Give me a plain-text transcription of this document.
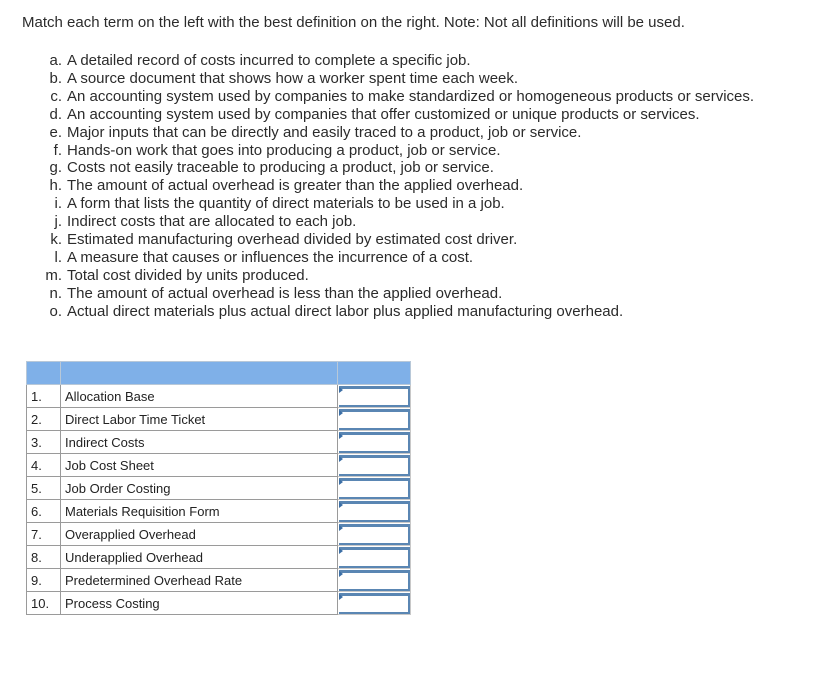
Match each term on the left with the best definition on the right. Note: Not all definitions will be used.
a. A detailed record of costs incurred to complete a specific job.
b. A source document that shows how a worker spent time each week.
c. An accounting system used by companies to make standardized or homogeneous products or services.
d. An accounting system used by companies that offer customized or unique products or services.
e. Major inputs that can be directly and easily traced to a product, job or service.
f. Hands-on work that goes into producing a product, job or service.
g. Costs not easily traceable to producing a product, job or service.
h. The amount of actual overhead is greater than the applied overhead.
i. A form that lists the quantity of direct materials to be used in a job.
j. Indirect costs that are allocated to each job.
k. Estimated manufacturing overhead divided by estimated cost driver.
l. A measure that causes or influences the incurrence of a cost.
m. Total cost divided by units produced.
n. The amount of actual overhead is less than the applied overhead.
o. Actual direct materials plus actual direct labor plus applied manufacturing overhead.

1.	Allocation Base	

2.	Direct Labor Time Ticket	

3.	Indirect Costs	

4.	Job Cost Sheet	

5.	Job Order Costing	

6.	Materials Requisition Form	

7.	Overapplied Overhead	

8.	Underapplied Overhead	

9.	Predetermined Overhead Rate	

10.	Process Costing	
